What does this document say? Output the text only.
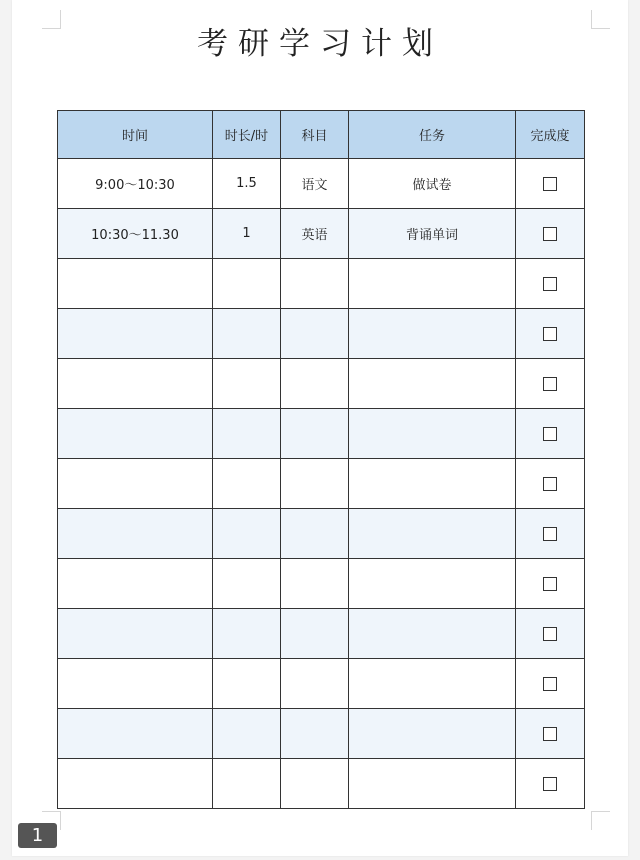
考研学习计划
时间	时长/时	科目	任务	完成度
9:00～10:30	1.5	语文	做试卷	
10:30～11.30	1	英语	背诵单词	

1
